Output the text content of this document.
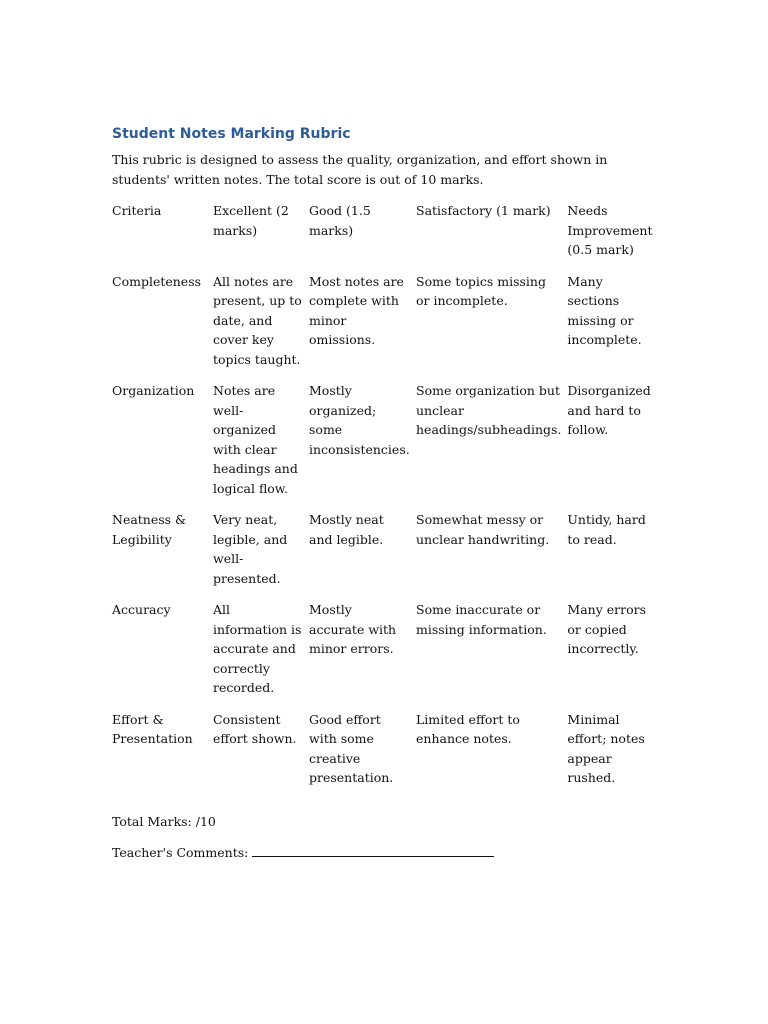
Student Notes Marking Rubric

This rubric is designed to assess the quality, organization, and effort shown in students' written notes. The total score is out of 10 marks.

Criteria	Excellent (2 marks)	Good (1.5 marks)	Satisfactory (1 mark)	Needs Improvement (0.5 mark)
Completeness	All notes are present, up to date, and cover key topics taught.	Most notes are complete with minor omissions.	Some topics missing or incomplete.	Many sections missing or incomplete.
Organization	Notes are well-organized with clear headings and logical flow.	Mostly organized; some inconsistencies.	Some organization but unclear headings/subheadings.	Disorganized and hard to follow.
Neatness & Legibility	Very neat, legible, and well-presented.	Mostly neat and legible.	Somewhat messy or unclear handwriting.	Untidy, hard to read.
Accuracy	All information is accurate and correctly recorded.	Mostly accurate with minor errors.	Some inaccurate or missing information.	Many errors or copied incorrectly.
Effort & Presentation	Consistent effort shown.	Good effort with some creative presentation.	Limited effort to enhance notes.	Minimal effort; notes appear rushed.
Total Marks: /10
Teacher's Comments:
